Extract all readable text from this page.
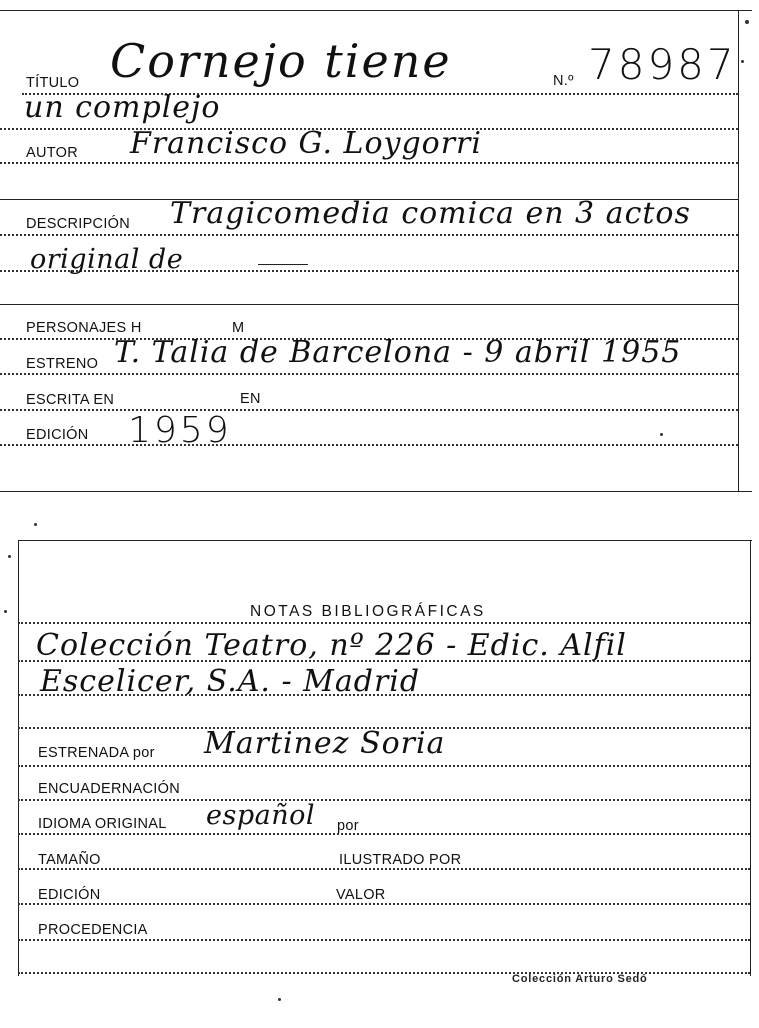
TÍTULO Cornejo tiene	N.º 78987
un complejo
AUTOR Francisco G. Loygorri
DESCRIPCIÓN Tragicomedia comica en 3 actos
original de
PERSONAJES H	M
ESTRENO T. Talia de Barcelona - 9 abril 1955
ESCRITA EN	EN
EDICIÓN 1959
NOTAS BIBLIOGRÁFICAS
Colección Teatro, nº 226 - Edic. Alfil
Escelicer, S.A. - Madrid
ESTRENADA por Martinez Soria
ENCUADERNACIÓN
IDIOMA ORIGINAL español por
TAMAÑO	ILUSTRADO POR
EDICIÓN	VALOR
PROCEDENCIA
Colección Arturo Sedó
